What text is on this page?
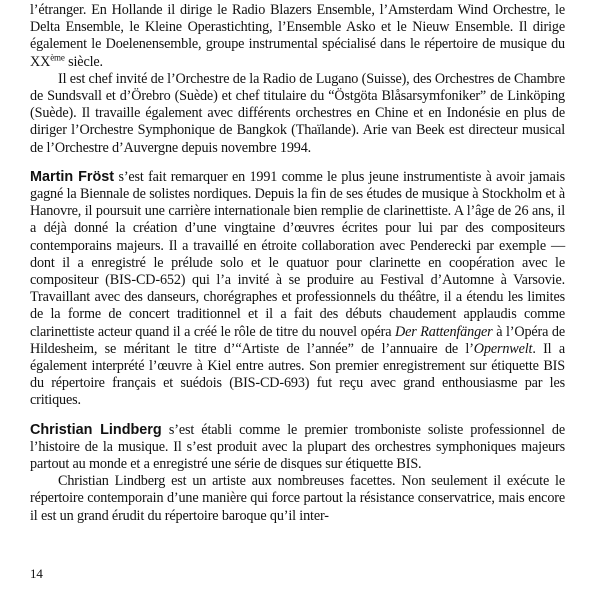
l’étranger. En Hollande il dirige le Radio Blazers Ensemble, l’Amsterdam Wind Orchestre, le Delta Ensemble, le Kleine Operastichting, l’Ensemble Asko et le Nieuw Ensemble. Il dirige également le Doelenensemble, groupe instrumental spécialisé dans le répertoire de musique du XXème siècle.

Il est chef invité de l’Orchestre de la Radio de Lugano (Suisse), des Orchestres de Chambre de Sundsvall et d’Örebro (Suède) et chef titulaire du “Östgöta Blåsarsymfoniker” de Linköping (Suède). Il travaille également avec différents orchestres en Chine et en Indonésie en plus de diriger l’Orchestre Symphonique de Bangkok (Thaïlande). Arie van Beek est directeur musical de l’Orchestre d’Auvergne depuis novembre 1994.

Martin Fröst s’est fait remarquer en 1991 comme le plus jeune instrumentiste à avoir jamais gagné la Biennale de solistes nordiques. Depuis la fin de ses études de musique à Stockholm et à Hanovre, il poursuit une carrière internationale bien remplie de clarinettiste. A l’âge de 26 ans, il a déjà donné la création d’une vingtaine d’œuvres écrites pour lui par des compositeurs contemporains majeurs. Il a travaillé en étroite collaboration avec Penderecki par exemple — dont il a enregistré le prélude solo et le quatuor pour clarinette en coopération avec le compositeur (BIS-CD-652) qui l’a invité à se produire au Festival d’Automne à Varsovie. Travaillant avec des danseurs, chorégraphes et professionnels du théâtre, il a étendu les limites de la forme de concert traditionnel et il a fait des débuts chaudement applaudis comme clarinettiste acteur quand il a créé le rôle de titre du nouvel opéra Der Rattenfänger à l’Opéra de Hildesheim, se méritant le titre d’“Artiste de l’année” de l’annuaire de l’Opernwelt. Il a également interprété l’œuvre à Kiel entre autres. Son premier enregistrement sur étiquette BIS du répertoire français et suédois (BIS-CD-693) fut reçu avec grand enthousiasme par les critiques.

Christian Lindberg s’est établi comme le premier tromboniste soliste professionnel de l’histoire de la musique. Il s’est produit avec la plupart des orchestres symphoniques majeurs partout au monde et a enregistré une série de disques sur étiquette BIS.

Christian Lindberg est un artiste aux nombreuses facettes. Non seulement il exécute le répertoire contemporain d’une manière qui force partout la résistance conservatrice, mais encore il est un grand érudit du répertoire baroque qu’il inter-

14
